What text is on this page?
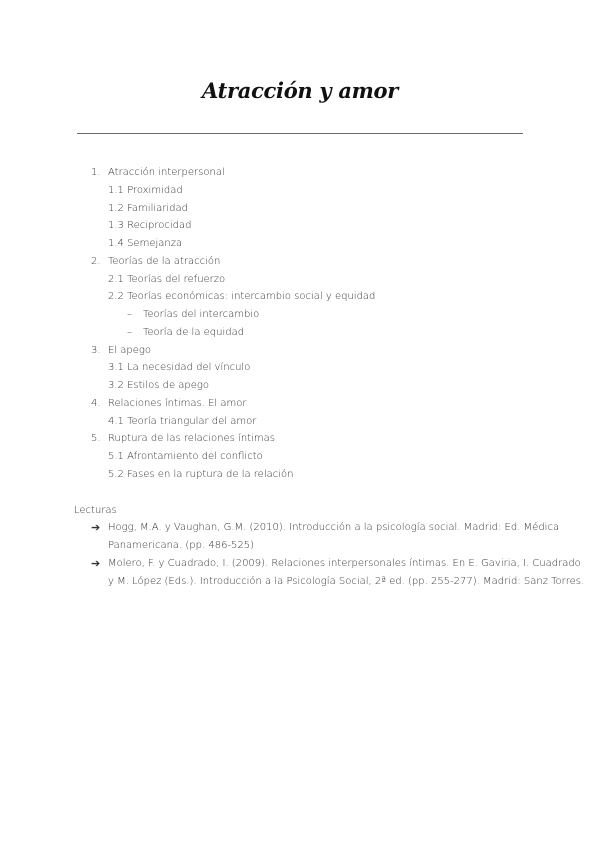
Atracción y amor
1. Atracción interpersonal
1.1 Proximidad
1.2 Familiaridad
1.3 Reciprocidad
1.4 Semejanza
2. Teorías de la atracción
2.1 Teorías del refuerzo
2.2 Teorías económicas: intercambio social y equidad
– Teorías del intercambio
– Teoría de la equidad
3. El apego
3.1 La necesidad del vínculo
3.2 Estilos de apego
4. Relaciones íntimas. El amor
4.1 Teoría triangular del amor
5. Ruptura de las relaciones íntimas
5.1 Afrontamiento del conflicto
5.2 Fases en la ruptura de la relación
Lecturas
➔ Hogg, M.A. y Vaughan, G.M. (2010). Introducción a la psicología social. Madrid: Ed. Médica
Panamericana. (pp. 486-525)
➔ Molero, F. y Cuadrado, I. (2009). Relaciones interpersonales íntimas. En E. Gaviria, I. Cuadrado
y M. López (Eds.). Introducción a la Psicología Social, 2ª ed. (pp. 255-277). Madrid: Sanz Torres.
